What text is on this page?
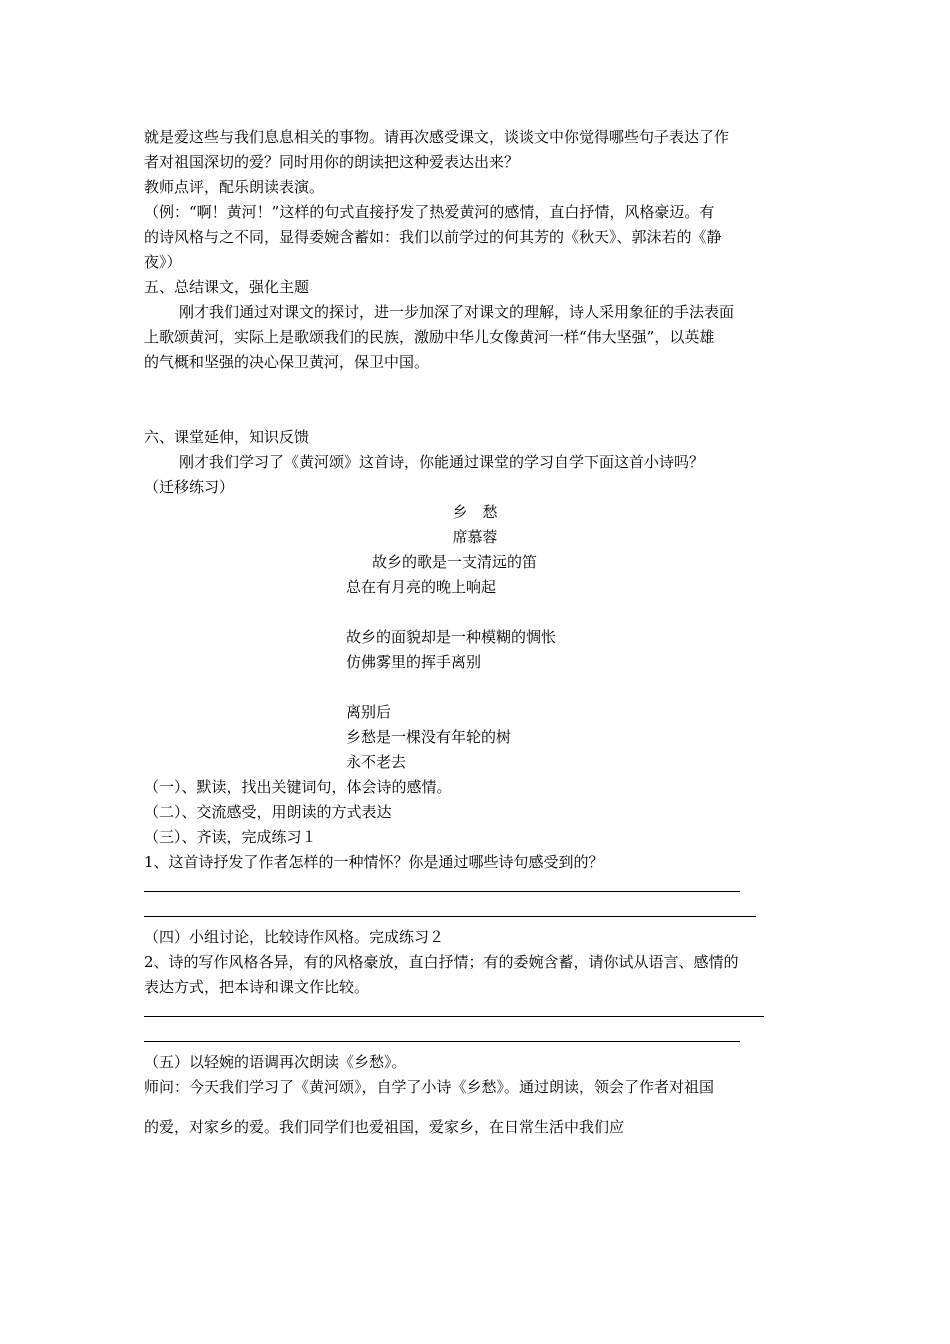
就是爱这些与我们息息相关的事物。请再次感受课文，谈谈文中你觉得哪些句子表达了作
者对祖国深切的爱？同时用你的朗读把这种爱表达出来？
教师点评，配乐朗读表演。
（例：“啊！黄河！”这样的句式直接抒发了热爱黄河的感情，直白抒情，风格豪迈。有
的诗风格与之不同，显得委婉含蓄如：我们以前学过的何其芳的《秋天》、郭沫若的《静
夜》）
五、总结课文，强化主题
刚才我们通过对课文的探讨，进一步加深了对课文的理解，诗人采用象征的手法表面
上歌颂黄河，实际上是歌颂我们的民族，激励中华儿女像黄河一样“伟大坚强”，以英雄
的气概和坚强的决心保卫黄河，保卫中国。
六、课堂延伸，知识反馈
刚才我们学习了《黄河颂》这首诗，你能通过课堂的学习自学下面这首小诗吗？
（迁移练习）
乡　愁
席慕蓉
故乡的歌是一支清远的笛
总在有月亮的晚上响起
故乡的面貌却是一种模糊的惆怅
仿佛雾里的挥手离别
离别后
乡愁是一棵没有年轮的树
永不老去
（一）、默读，找出关键词句，体会诗的感情。
（二）、交流感受，用朗读的方式表达
（三）、齐读，完成练习１
1、这首诗抒发了作者怎样的一种情怀？你是通过哪些诗句感受到的？
（四）小组讨论，比较诗作风格。完成练习２
2、诗的写作风格各异，有的风格豪放，直白抒情；有的委婉含蓄，请你试从语言、感情的
表达方式，把本诗和课文作比较。
（五）以轻婉的语调再次朗读《乡愁》。
师问：今天我们学习了《黄河颂》，自学了小诗《乡愁》。通过朗读，领会了作者对祖国
的爱，对家乡的爱。我们同学们也爱祖国，爱家乡，在日常生活中我们应
